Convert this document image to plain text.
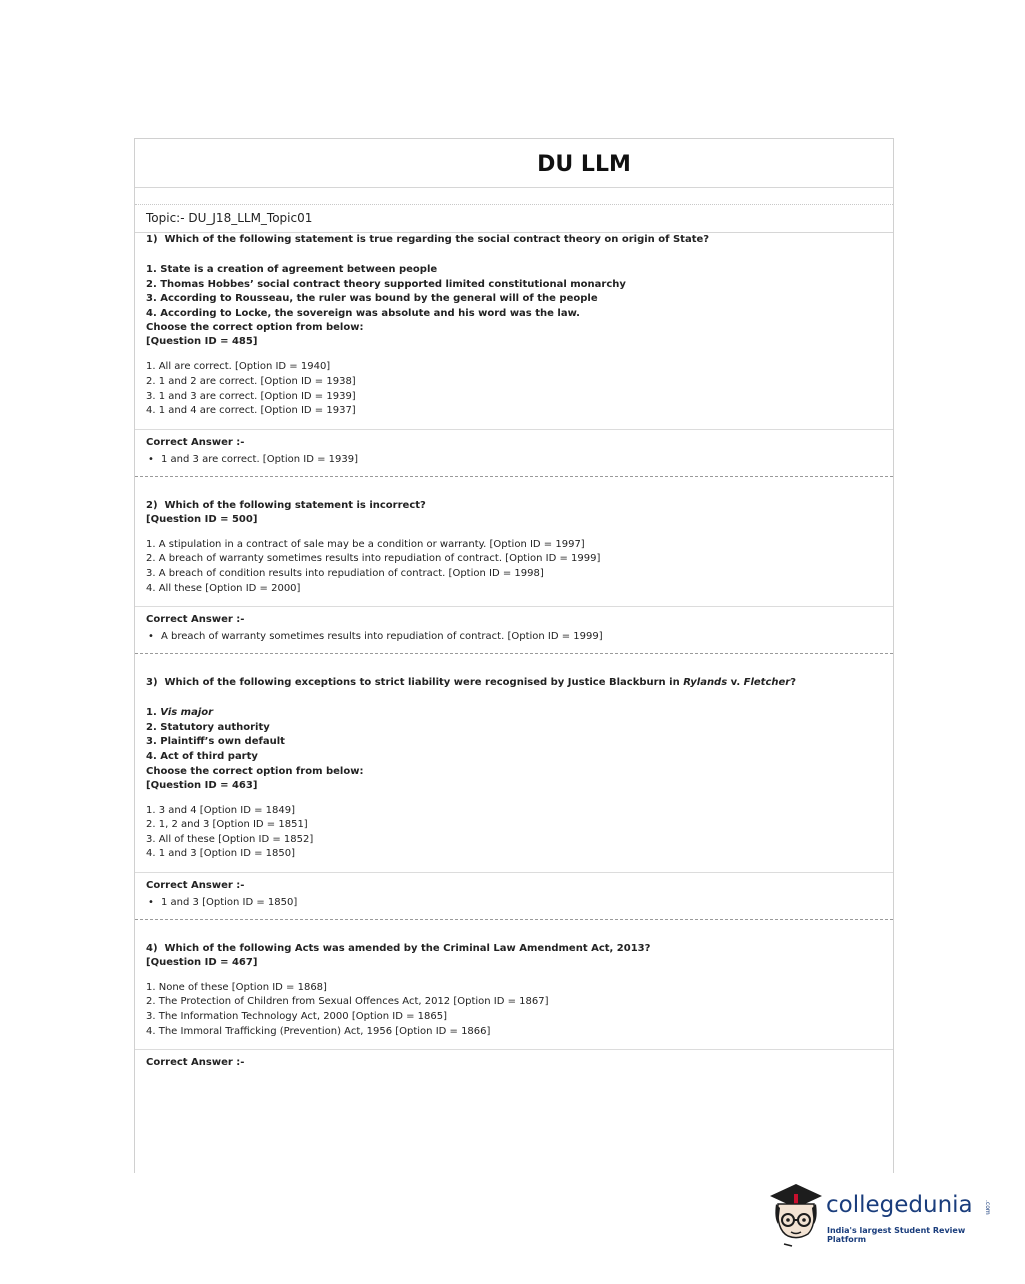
DU LLM
Topic:- DU_J18_LLM_Topic01

1) Which of the following statement is true regarding the social contract theory on origin of State?

1. State is a creation of agreement between people

2. Thomas Hobbes’ social contract theory supported limited constitutional monarchy

3. According to Rousseau, the ruler was bound by the general will of the people

4. According to Locke, the sovereign was absolute and his word was the law.

Choose the correct option from below:

[Question ID = 485]

1. All are correct. [Option ID = 1940]

2. 1 and 2 are correct. [Option ID = 1938]

3. 1 and 3 are correct. [Option ID = 1939]

4. 1 and 4 are correct. [Option ID = 1937]

Correct Answer :-

• 1 and 3 are correct. [Option ID = 1939]

2) Which of the following statement is incorrect?

[Question ID = 500]

1. A stipulation in a contract of sale may be a condition or warranty. [Option ID = 1997]

2. A breach of warranty sometimes results into repudiation of contract. [Option ID = 1999]

3. A breach of condition results into repudiation of contract. [Option ID = 1998]

4. All these [Option ID = 2000]

Correct Answer :-

• A breach of warranty sometimes results into repudiation of contract. [Option ID = 1999]

3) Which of the following exceptions to strict liability were recognised by Justice Blackburn in Rylands v. Fletcher?

1. Vis major

2. Statutory authority

3. Plaintiff’s own default

4. Act of third party

Choose the correct option from below:

[Question ID = 463]

1. 3 and 4 [Option ID = 1849]

2. 1, 2 and 3 [Option ID = 1851]

3. All of these [Option ID = 1852]

4. 1 and 3 [Option ID = 1850]

Correct Answer :-

• 1 and 3 [Option ID = 1850]

4) Which of the following Acts was amended by the Criminal Law Amendment Act, 2013?

[Question ID = 467]

1. None of these [Option ID = 1868]

2. The Protection of Children from Sexual Offences Act, 2012 [Option ID = 1867]

3. The Information Technology Act, 2000 [Option ID = 1865]

4. The Immoral Trafficking (Prevention) Act, 1956 [Option ID = 1866]

Correct Answer :-

collegedunia .com
India's largest Student Review Platform
